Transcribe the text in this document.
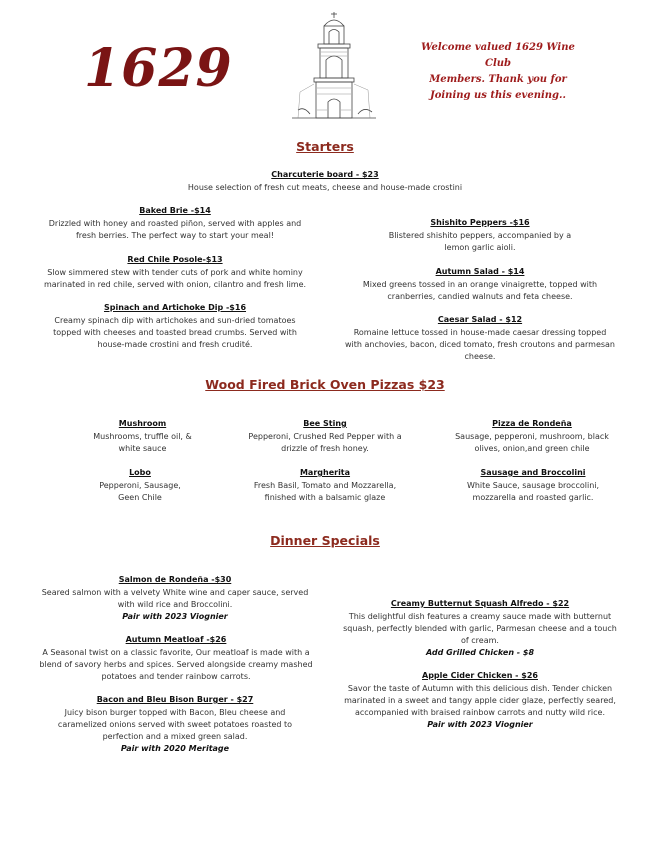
1629	Welcome valued 1629 Wine Club
Members. Thank you for
Joining us this evening..
Starters
Charcuterie board - $23
House selection of fresh cut meats, cheese and house-made crostini
Baked Brie -$14
Drizzled with honey and roasted piñon, served with apples and fresh berries. The perfect way to start your meal!
Red Chile Posole-$13
Slow simmered stew with tender cuts of pork and white hominy marinated in red chile, served with onion, cilantro and fresh lime.
Spinach and Artichoke Dip -$16
Creamy spinach dip with artichokes and sun-dried tomatoes topped with cheeses and toasted bread crumbs. Served with house-made crostini and fresh crudité.
Shishito Peppers -$16
Blistered shishito peppers, accompanied by a lemon garlic aioli.
Autumn Salad - $14
Mixed greens tossed in an orange vinaigrette, topped with cranberries, candied walnuts and feta cheese.
Caesar Salad - $12
Romaine lettuce tossed in house-made caesar dressing topped with anchovies, bacon, diced tomato, fresh croutons and parmesan cheese.
Wood Fired Brick Oven Pizzas $23
Mushroom
Mushrooms, truffle oil, & white sauce
Bee Sting
Pepperoni, Crushed Red Pepper with a drizzle of fresh honey.
Pizza de Rondeña
Sausage, pepperoni, mushroom, black olives, onion,and green chile
Lobo
Pepperoni, Sausage, Geen Chile
Margherita
Fresh Basil, Tomato and Mozzarella, finished with a balsamic glaze
Sausage and Broccolini
White Sauce, sausage broccolini, mozzarella and roasted garlic.
Dinner Specials
Salmon de Rondeña -$30
Seared salmon with a velvety White wine and caper sauce, served with wild rice and Broccolini.
Pair with 2023 Viognier
Autumn Meatloaf -$26
A Seasonal twist on a classic favorite, Our meatloaf is made with a blend of savory herbs and spices. Served alongside creamy mashed potatoes and tender rainbow carrots.
Bacon and Bleu Bison Burger - $27
Juicy bison burger topped with Bacon, Bleu cheese and caramelized onions served with sweet potatoes roasted to perfection and a mixed green salad.
Pair with 2020 Meritage
Creamy Butternut Squash Alfredo - $22
This delightful dish features a creamy sauce made with butternut squash, perfectly blended with garlic, Parmesan cheese and a touch of cream.
Add Grilled Chicken - $8
Apple Cider Chicken - $26
Savor the taste of Autumn with this delicious dish. Tender chicken marinated in a sweet and tangy apple cider glaze, perfectly seared, accompanied with braised rainbow carrots and nutty wild rice.
Pair with 2023 Viognier
